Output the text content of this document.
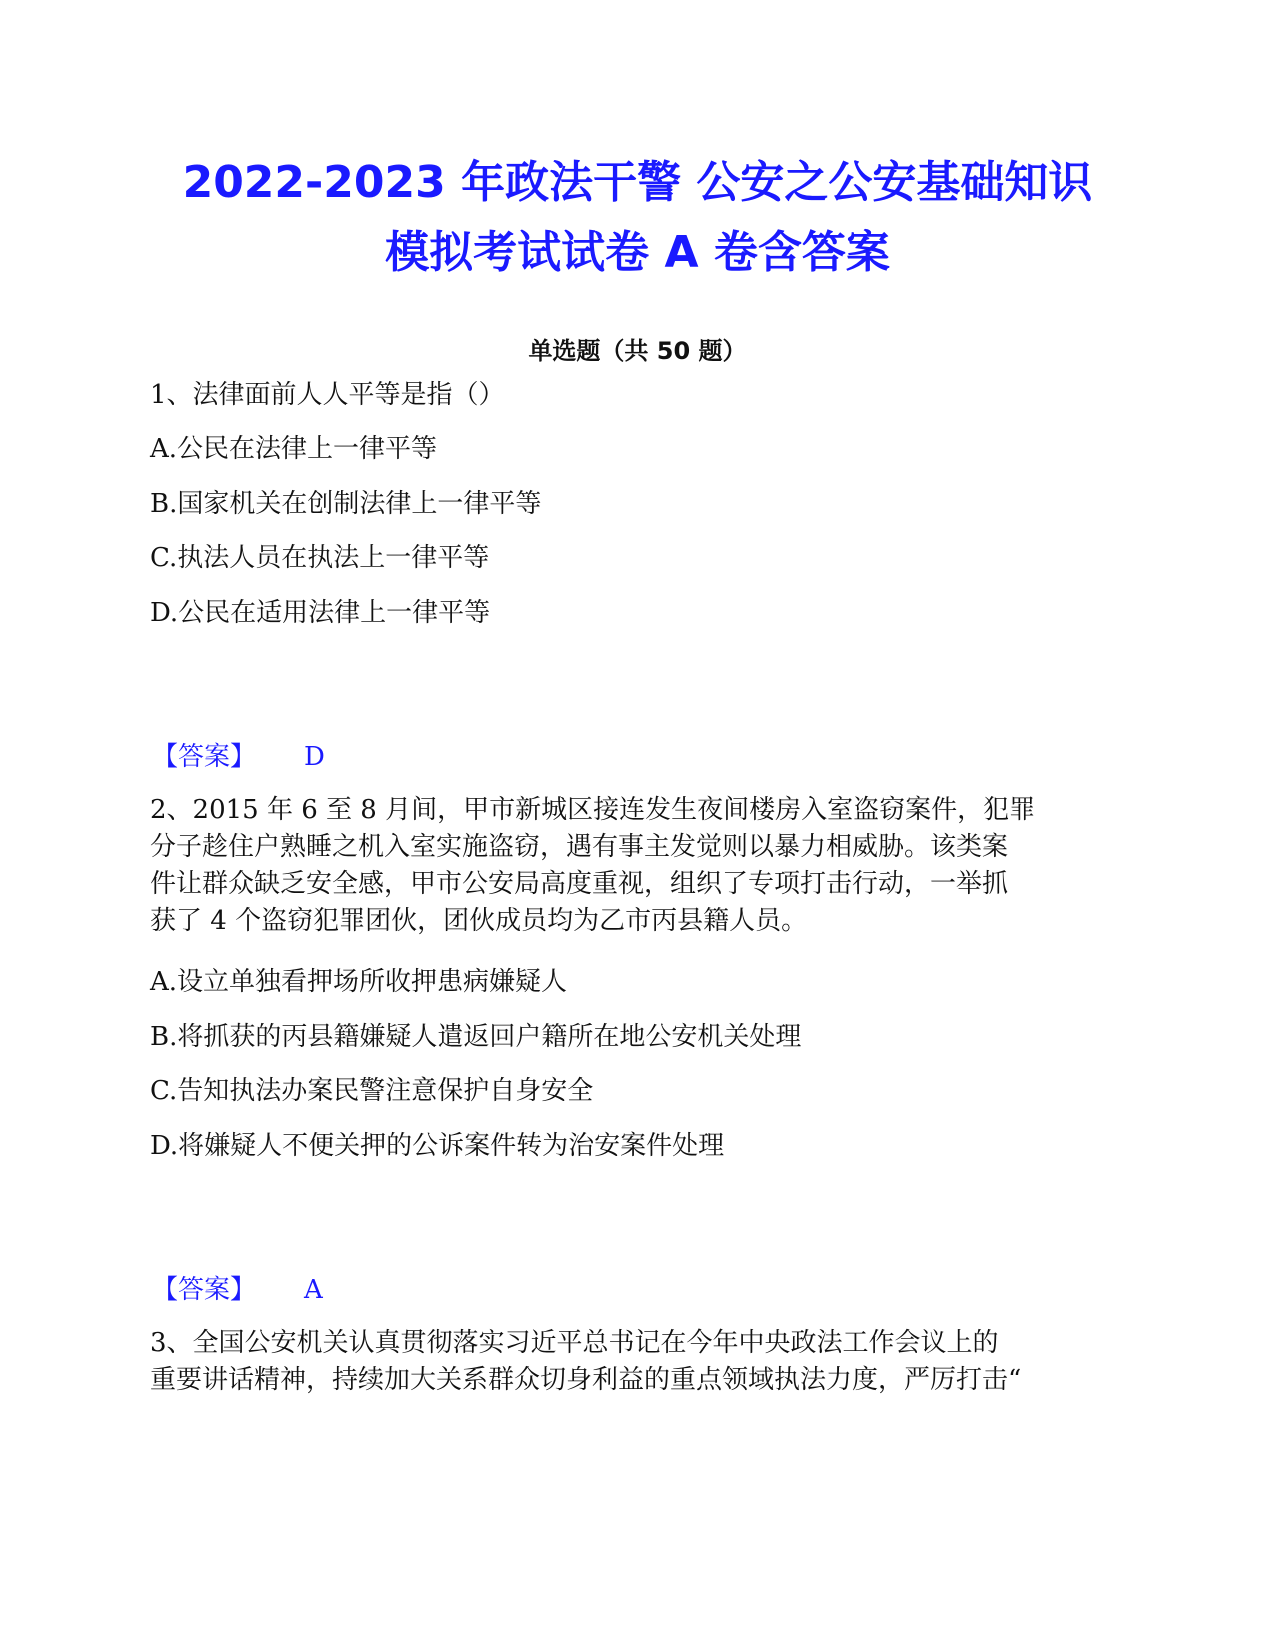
2022-2023 年政法干警 公安之公安基础知识
模拟考试试卷 A 卷含答案
单选题（共 50 题）
1、法律面前人人平等是指（）
A.公民在法律上一律平等
B.国家机关在创制法律上一律平等
C.执法人员在执法上一律平等
D.公民在适用法律上一律平等
【答案】 D
2、2015 年 6 至 8 月间，甲市新城区接连发生夜间楼房入室盗窃案件，犯罪
分子趁住户熟睡之机入室实施盗窃，遇有事主发觉则以暴力相威胁。该类案
件让群众缺乏安全感，甲市公安局高度重视，组织了专项打击行动，一举抓
获了 4 个盗窃犯罪团伙，团伙成员均为乙市丙县籍人员。
A.设立单独看押场所收押患病嫌疑人
B.将抓获的丙县籍嫌疑人遣返回户籍所在地公安机关处理
C.告知执法办案民警注意保护自身安全
D.将嫌疑人不便关押的公诉案件转为治安案件处理
【答案】 A
3、全国公安机关认真贯彻落实习近平总书记在今年中央政法工作会议上的
重要讲话精神，持续加大关系群众切身利益的重点领域执法力度，严厉打击“
